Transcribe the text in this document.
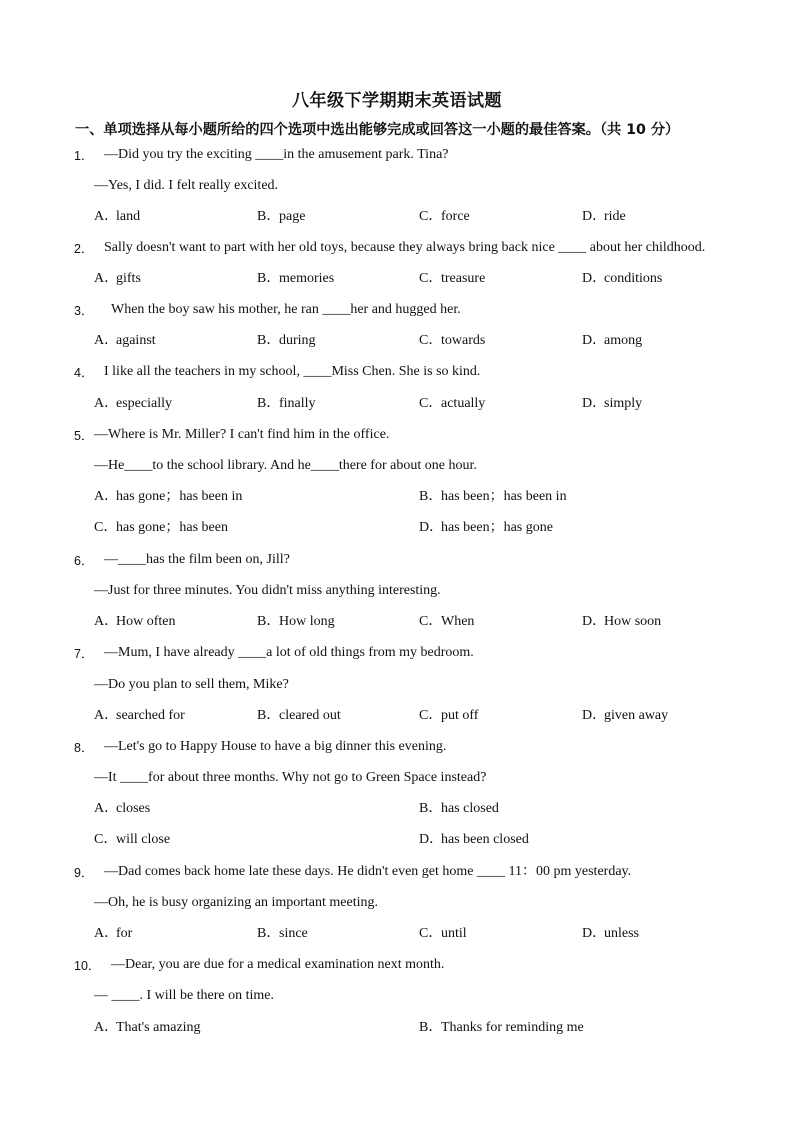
八年级下学期期末英语试题
一、单项选择从每小题所给的四个选项中选出能够完成或回答这一小题的最佳答案。（共 10 分）
1． —Did you try the exciting ____in the amusement park. Tina?
—Yes, I did. I felt really excited.
A．land	B．page	C．force	D．ride
2． Sally doesn't want to part with her old toys, because they always bring back nice ____ about her childhood.
A．gifts	B．memories	C．treasure	D．conditions
3． When the boy saw his mother, he ran ____her and hugged her.
A．against	B．during	C．towards	D．among
4． I like all the teachers in my school, ____Miss Chen. She is so kind.
A．especially	B．finally	C．actually	D．simply
5． —Where is Mr. Miller? I can't find him in the office.
—He____to the school library. And he____there for about one hour.
A．has gone；has been in	B．has been；has been in
C．has gone；has been	D．has been；has gone
6． —____has the film been on, Jill?
—Just for three minutes. You didn't miss anything interesting.
A．How often	B．How long	C．When	D．How soon
7． —Mum, I have already ____a lot of old things from my bedroom.
—Do you plan to sell them, Mike?
A．searched for	B．cleared out	C．put off	D．given away
8． —Let's go to Happy House to have a big dinner this evening.
—It ____for about three months. Why not go to Green Space instead?
A．closes	B．has closed
C．will close	D．has been closed
9． —Dad comes back home late these days. He didn't even get home ____ 11：00 pm yesterday.
—Oh, he is busy organizing an important meeting.
A．for	B．since	C．until	D．unless
10． —Dear, you are due for a medical examination next month.
— ____. I will be there on time.
A．That's amazing	B．Thanks for reminding me
